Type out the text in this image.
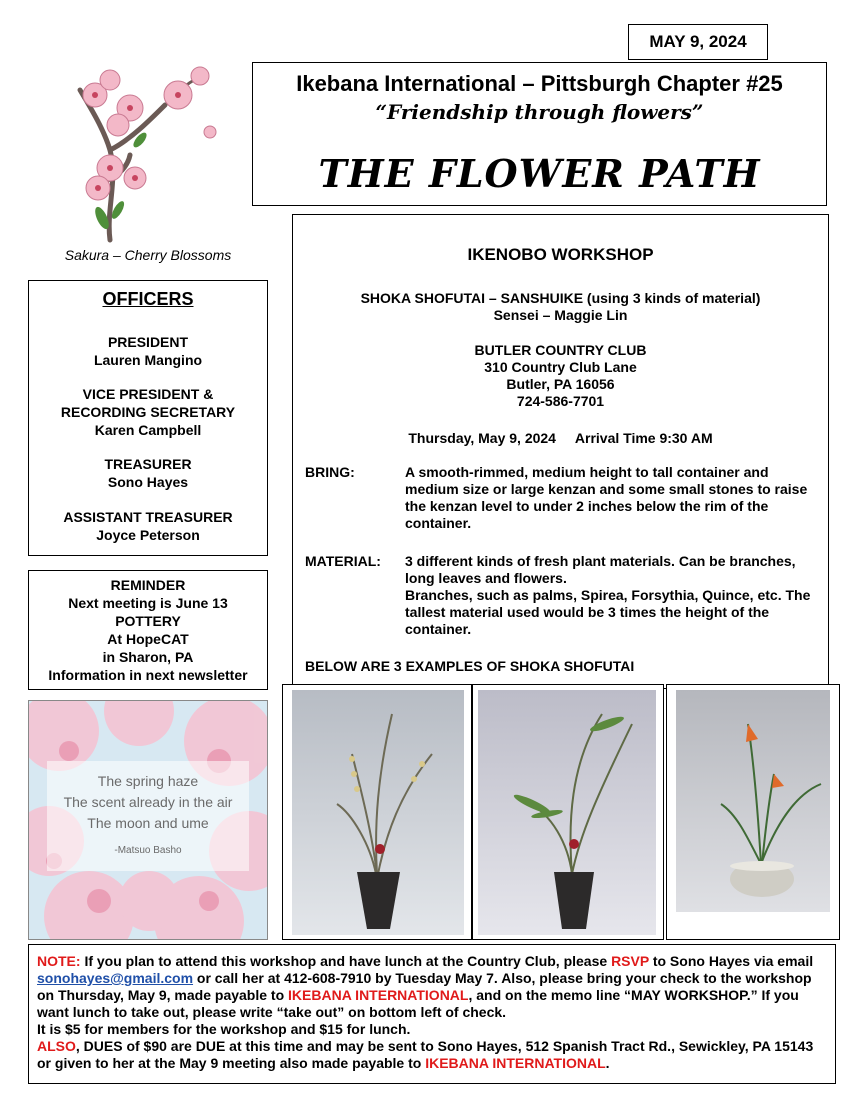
MAY 9, 2024
Ikebana International – Pittsburgh Chapter #25
“Friendship through flowers”
THE FLOWER PATH
Sakura – Cherry Blossoms
OFFICERS
PRESIDENT
Lauren Mangino
VICE PRESIDENT &
RECORDING SECRETARY
Karen Campbell
TREASURER
Sono Hayes
ASSISTANT TREASURER
Joyce Peterson
REMINDER
Next meeting is June 13
POTTERY
At HopeCAT
in Sharon, PA
Information in next newsletter
The spring haze
The scent already in the air
The moon and ume
-Matsuo Basho
IKENOBO WORKSHOP
SHOKA SHOFUTAI – SANSHUIKE (using 3 kinds of material)
Sensei – Maggie Lin
BUTLER COUNTRY CLUB
310 Country Club Lane
Butler, PA 16056
724-586-7701
Thursday, May 9, 2024     Arrival Time 9:30 AM
BRING:	A smooth-rimmed, medium height to tall container and medium size or large kenzan and some small stones to raise the kenzan level to under 2 inches below the rim of the container.
MATERIAL: 3 different kinds of fresh plant materials. Can be branches, long leaves and flowers.
Branches, such as palms, Spirea, Forsythia, Quince, etc. The tallest material used would be 3 times the height of the container.
BELOW ARE 3 EXAMPLES OF SHOKA SHOFUTAI
NOTE: If you plan to attend this workshop and have lunch at the Country Club, please RSVP to Sono Hayes via email sonohayes@gmail.com or call her at 412-608-7910 by Tuesday May 7. Also, please bring your check to the workshop on Thursday, May 9, made payable to IKEBANA INTERNATIONAL, and on the memo line “MAY WORKSHOP.” If you want lunch to take out, please write “take out” on bottom left of check.
It is $5 for members for the workshop and $15 for lunch.
ALSO, DUES of $90 are DUE at this time and may be sent to Sono Hayes, 512 Spanish Tract Rd., Sewickley, PA 15143 or given to her at the May 9 meeting also made payable to IKEBANA INTERNATIONAL.
